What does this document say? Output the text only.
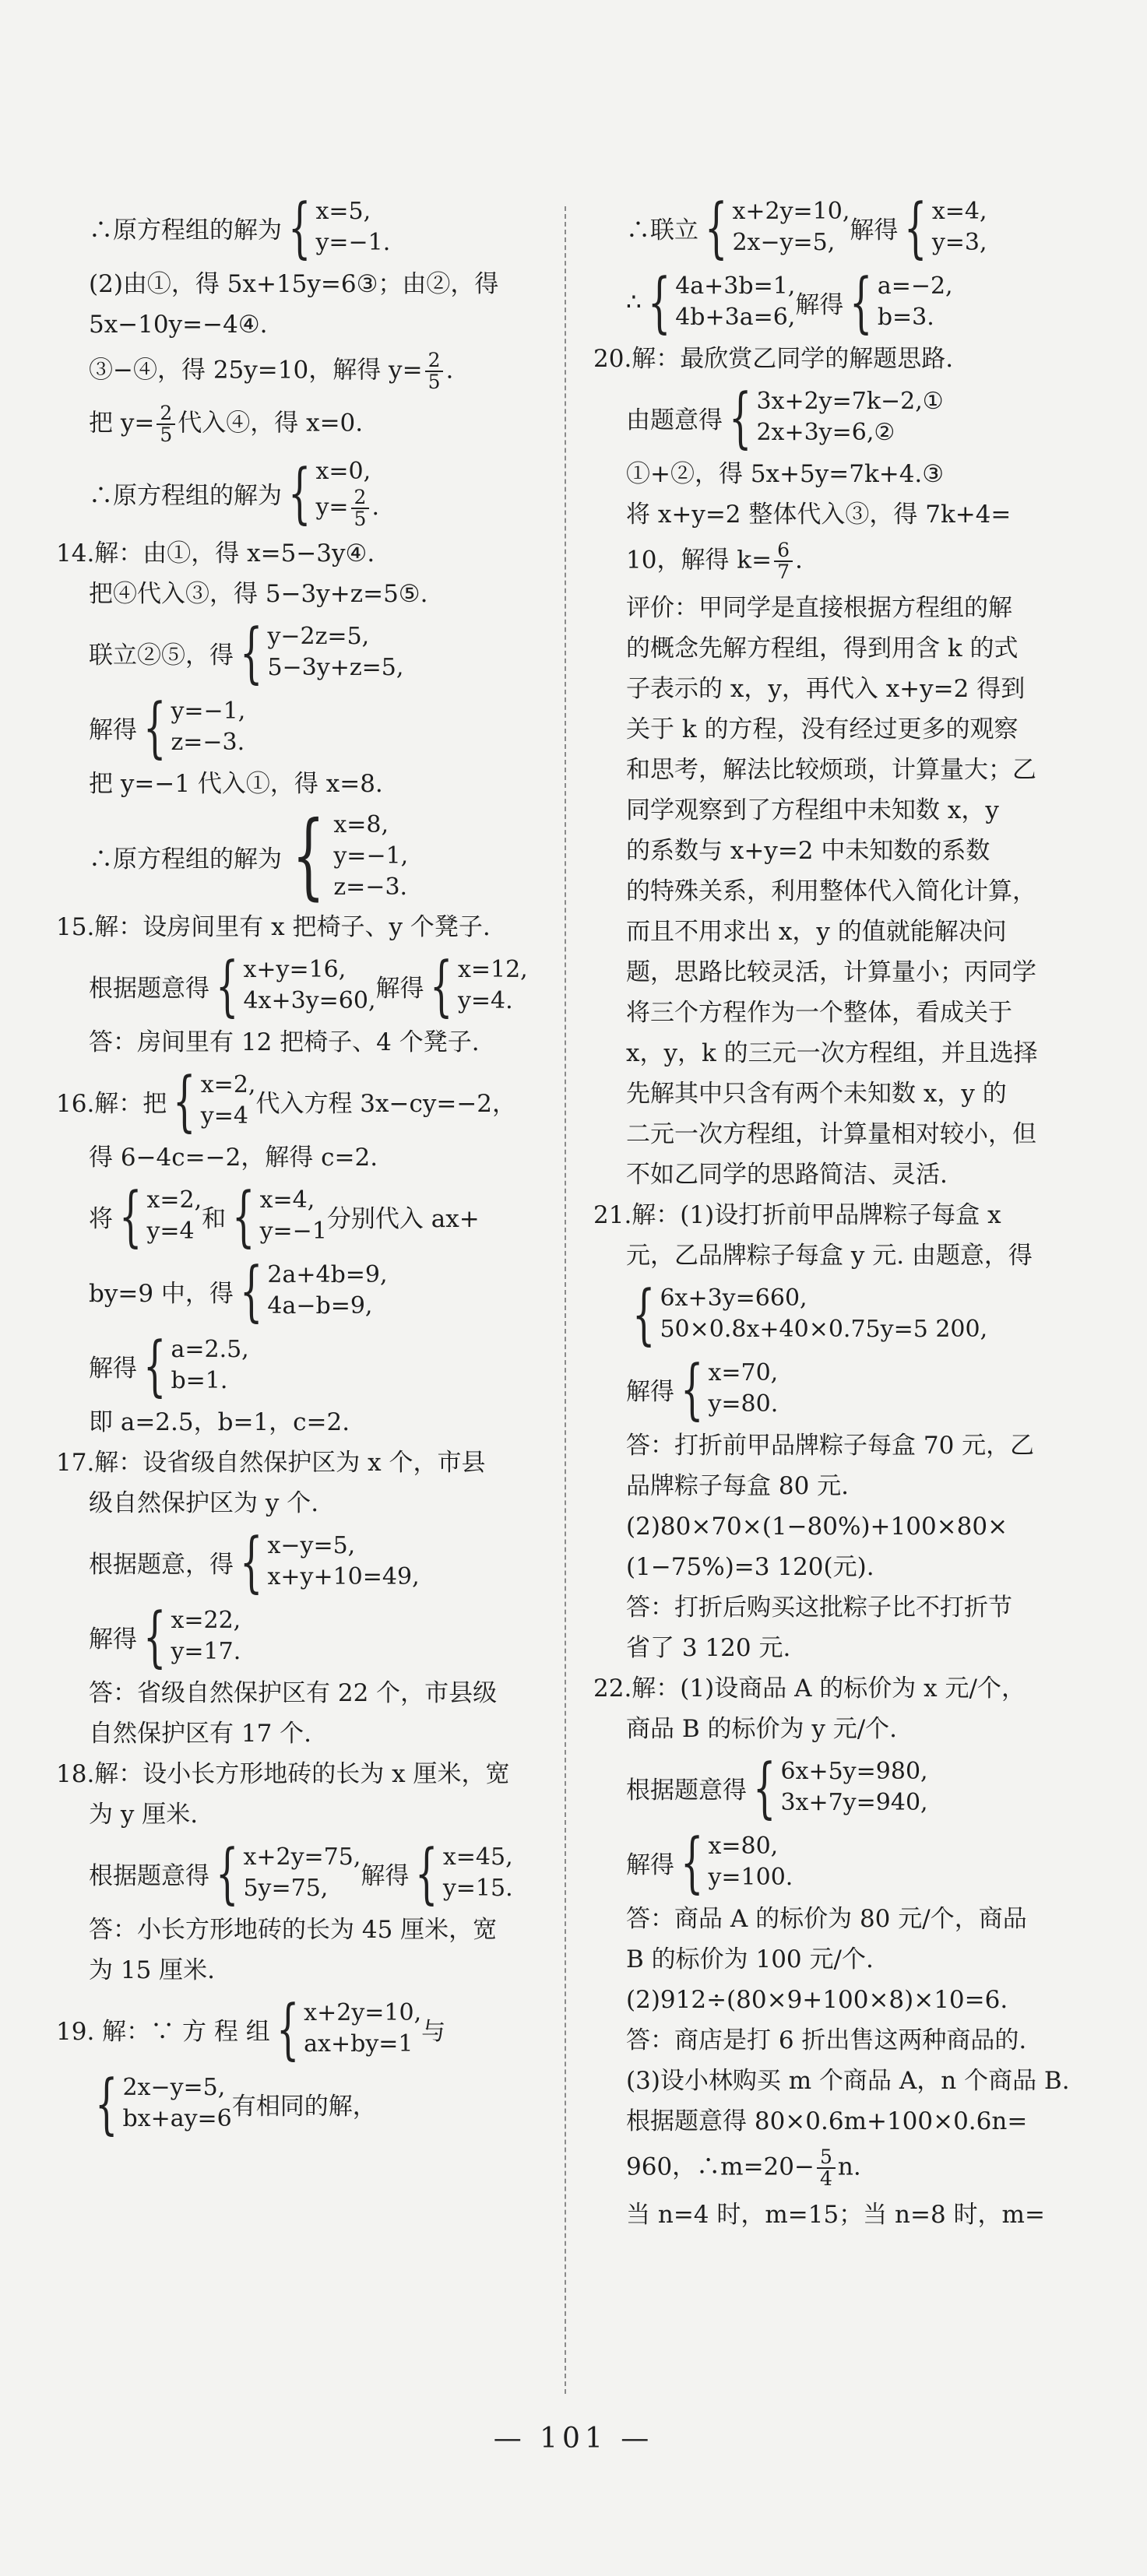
∴原方程组的解为 { x=5,
y=−1.
(2)由①，得 5x+15y=6③；由②，得
5x−10y=−4④.
③−④，得 25y=10，解得 $y= \frac{2}{5}$ .
把 $y= \frac{2}{5}$ 代入④，得 x=0.
∴原方程组的解为 { x=0,
$y= \frac{2}{5}$ .
14.解：由①，得 x=5−3y④.
把④代入③，得 5−3y+z=5⑤.
联立②⑤，得 { y−2z=5,
5−3y+z=5,
解得 { y=−1,
z=−3.
把 y=−1 代入①，得 x=8.
∴原方程组的解为 { x=8,
y=−1,
z=−3.
15.解：设房间里有 x 把椅子、y 个凳子.
根据题意得 { x+y=16,
4x+3y=60, 解得 { x=12,
y=4.
答：房间里有 12 把椅子、4 个凳子.
16.解：把 { x=2,
y=4 代入方程 3x−cy=−2，
得 6−4c=−2，解得 c=2.
将 { x=2,
y=4 和 { x=4,
y=−1 分别代入 ax+
by=9 中，得 { 2a+4b=9,
4a−b=9,
解得 { a=2.5,
b=1.
即 a=2.5，b=1，c=2.
17.解：设省级自然保护区为 x 个，市县
级自然保护区为 y 个.
根据题意，得 { x−y=5,
x+y+10=49,
解得 { x=22,
y=17.
答：省级自然保护区有 22 个，市县级
自然保护区有 17 个.
18.解：设小长方形地砖的长为 x 厘米，宽
为 y 厘米.
根据题意得 { x+2y=75,
5y=75,	解得 { x=45,
y=15.
答：小长方形地砖的长为 45 厘米，宽
为 15 厘米.
19. 解：∵ 方 程 组 { x+2y=10,
ax+by=1 与
{ 2x−y=5,
bx+ay=6 有相同的解，
∴联立 { x+2y=10,
2x−y=5, 解得 { x=4,
y=3,
∴ { 4a+3b=1,
4b+3a=6, 解得 { a=−2,
b=3.
20.解：最欣赏乙同学的解题思路.
由题意得 { 3x+2y=7k−2,①
2x+3y=6,②
①+②，得 5x+5y=7k+4.③
将 x+y=2 整体代入③，得 7k+4=
10，解得 $k= \frac{6}{7}$ .
评价：甲同学是直接根据方程组的解
的概念先解方程组，得到用含 k 的式
子表示的 x，y，再代入 x+y=2 得到
关于 k 的方程，没有经过更多的观察
和思考，解法比较烦琐，计算量大；乙
同学观察到了方程组中未知数 x，y
的系数与 x+y=2 中未知数的系数
的特殊关系，利用整体代入简化计算，
而且不用求出 x，y 的值就能解决问
题，思路比较灵活，计算量小；丙同学
将三个方程作为一个整体，看成关于
x，y，k 的三元一次方程组，并且选择
先解其中只含有两个未知数 x，y 的
二元一次方程组，计算量相对较小，但
不如乙同学的思路简洁、灵活.
21.解：(1)设打折前甲品牌粽子每盒 x
元，乙品牌粽子每盒 y 元. 由题意，得
{ 6x+3y=660,
50×0.8x+40×0.75y=5 200,
解得 { x=70,
y=80.
答：打折前甲品牌粽子每盒 70 元，乙
品牌粽子每盒 80 元.
(2)80×70×(1−80%)+100×80×
(1−75%)=3 120(元).
答：打折后购买这批粽子比不打折节
省了 3 120 元.
22.解：(1)设商品 A 的标价为 x 元/个，
商品 B 的标价为 y 元/个.
根据题意得 { 6x+5y=980,
3x+7y=940,
解得 { x=80,
y=100.
答：商品 A 的标价为 80 元/个，商品
B 的标价为 100 元/个.
(2)912÷(80×9+100×8)×10=6.
答：商店是打 6 折出售这两种商品的.
(3)设小林购买 m 个商品 A，n 个商品 B.
根据题意得 80×0.6m+100×0.6n=
960，∴m=20− $\frac{5}{4} n$.
当 n=4 时，m=15；当 n=8 时，m=
— 101 —
